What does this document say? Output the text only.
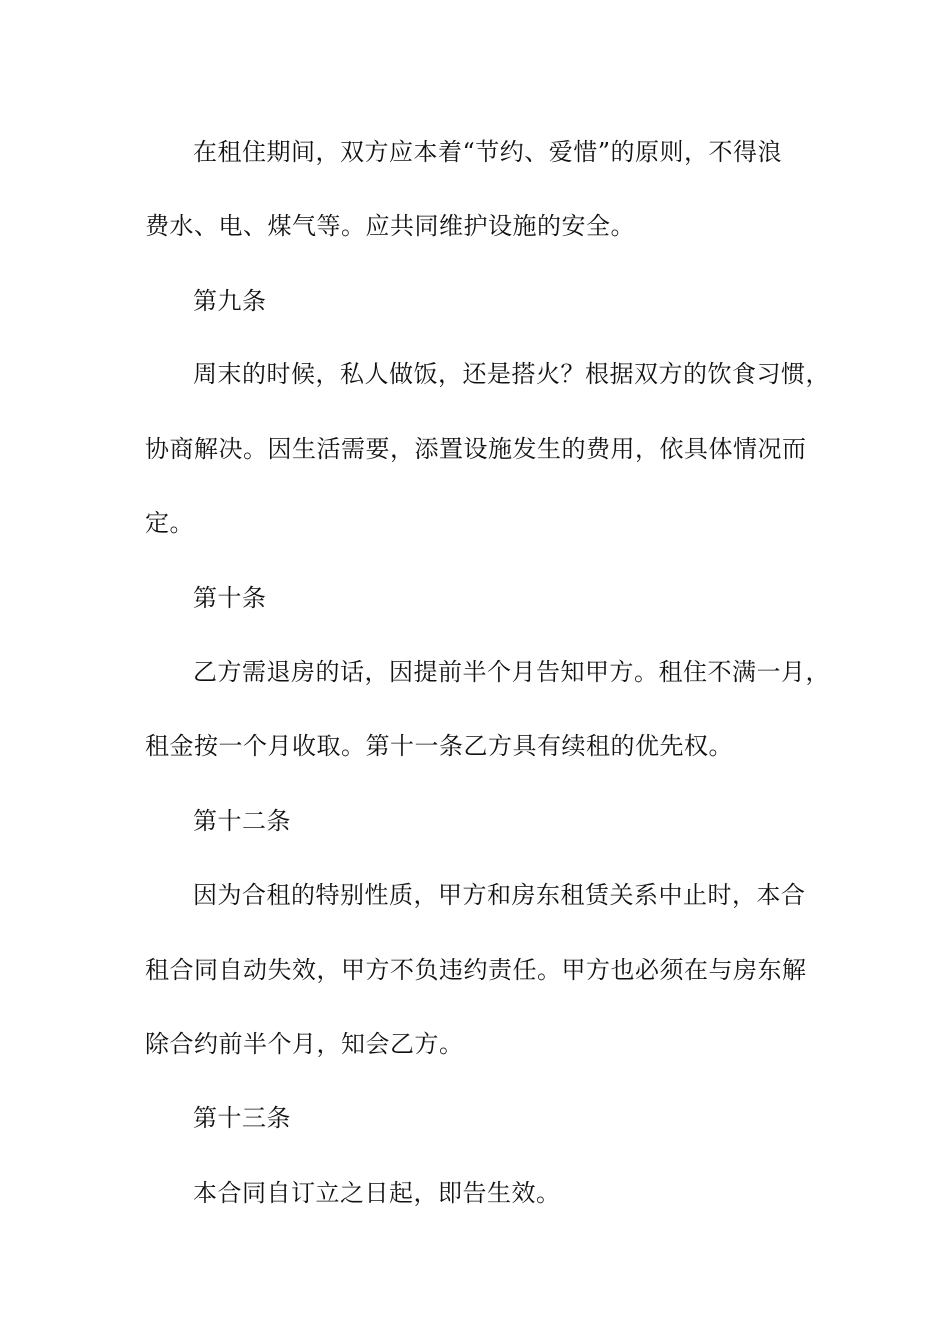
在租住期间，双方应本着“节约、爱惜”的原则，不得浪
费水、电、煤气等。应共同维护设施的安全。
第九条
周末的时候，私人做饭，还是搭火？根据双方的饮食习惯，
协商解决。因生活需要，添置设施发生的费用，依具体情况而
定。
第十条
乙方需退房的话，因提前半个月告知甲方。租住不满一月，
租金按一个月收取。第十一条乙方具有续租的优先权。
第十二条
因为合租的特别性质，甲方和房东租赁关系中止时，本合
租合同自动失效，甲方不负违约责任。甲方也必须在与房东解
除合约前半个月，知会乙方。
第十三条
本合同自订立之日起，即告生效。
